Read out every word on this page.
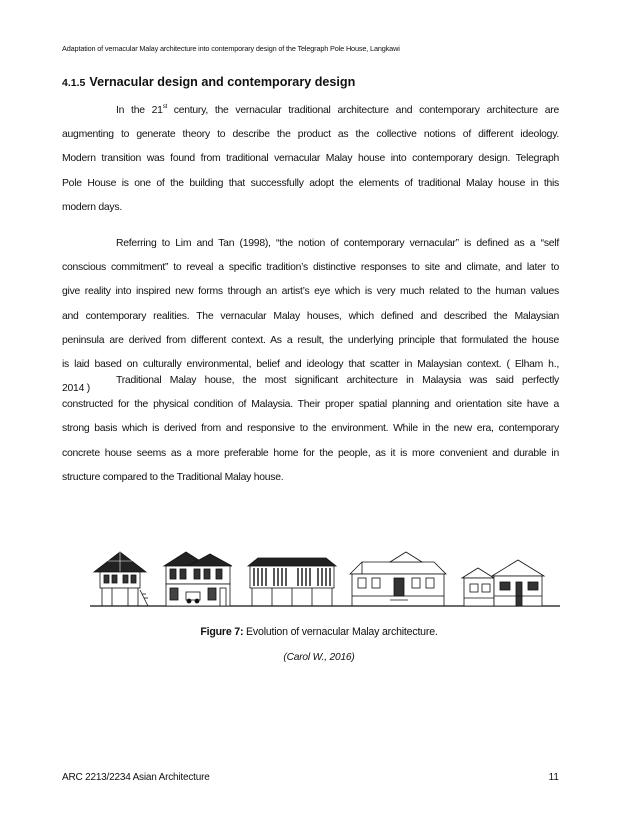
Adaptation of vernacular Malay architecture into contemporary design of the Telegraph Pole House, Langkawi
4.1.5 Vernacular design and contemporary design

In the 21st century, the vernacular traditional architecture and contemporary architecture are
augmenting to generate theory to describe the product as the collective notions of different ideology.
Modern transition was found from traditional vernacular Malay house into contemporary design. Telegraph
Pole House is one of the building that successfully adopt the elements of traditional Malay house in this
modern days.

Referring to Lim and Tan (1998), “the notion of contemporary vernacular” is defined as a “self
conscious commitment” to reveal a specific tradition’s distinctive responses to site and climate, and later to
give reality into inspired new forms through an artist’s eye which is very much related to the human values
and contemporary realities. The vernacular Malay houses, which defined and described the Malaysian
peninsula are derived from different context. As a result, the underlying principle that formulated the house
is laid based on culturally environmental, belief and ideology that scatter in Malaysian context. ( Elham h.,
2014 )

Traditional Malay house, the most significant architecture in Malaysia was said perfectly
constructed for the physical condition of Malaysia. Their proper spatial planning and orientation site have a
strong basis which is derived from and responsive to the environment. While in the new era, contemporary
concrete house seems as a more preferable home for the people, as it is more convenient and durable in
structure compared to the Traditional Malay house.

Figure 7: Evolution of vernacular Malay architecture.
(Carol W., 2016)
ARC 2213/2234 Asian Architecture	11
